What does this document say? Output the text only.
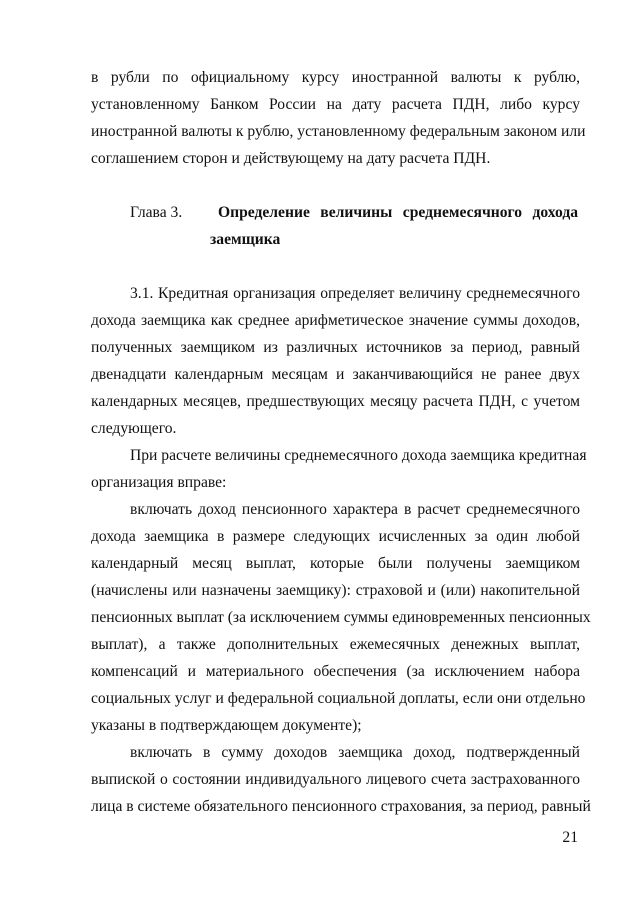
в рубли по официальному курсу иностранной валюты к рублю,
установленному Банком России на дату расчета ПДН, либо курсу
иностранной валюты к рублю, установленному федеральным законом или
соглашением сторон и действующему на дату расчета ПДН.
Глава 3. Определение величины среднемесячного дохода
заемщика
3.1. Кредитная организация определяет величину среднемесячного
дохода заемщика как среднее арифметическое значение суммы доходов,
полученных заемщиком из различных источников за период, равный
двенадцати календарным месяцам и заканчивающийся не ранее двух
календарных месяцев, предшествующих месяцу расчета ПДН, с учетом
следующего.
При расчете величины среднемесячного дохода заемщика кредитная
организация вправе:
включать доход пенсионного характера в расчет среднемесячного
дохода заемщика в размере следующих исчисленных за один любой
календарный месяц выплат, которые были получены заемщиком
(начислены или назначены заемщику): страховой и (или) накопительной
пенсионных выплат (за исключением суммы единовременных пенсионных
выплат), а также дополнительных ежемесячных денежных выплат,
компенсаций и материального обеспечения (за исключением набора
социальных услуг и федеральной социальной доплаты, если они отдельно
указаны в подтверждающем документе);
включать в сумму доходов заемщика доход, подтвержденный
выпиской о состоянии индивидуального лицевого счета застрахованного
лица в системе обязательного пенсионного страхования, за период, равный
21
